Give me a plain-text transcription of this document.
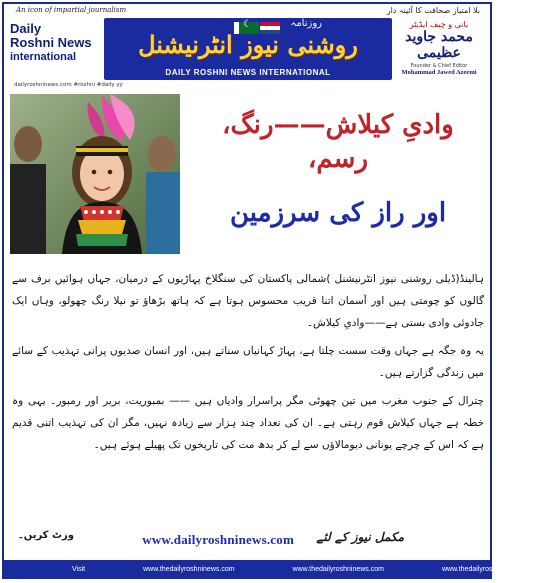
An icon of impartial journalism	بلا امتیاز صحافت کا آئینہ دار
Daily
Roshni News
international
☾
روزنامہ
روشنی نیوز انٹرنیشنل
DAILY ROSHNI NEWS INTERNATIONAL
بانی و چیف ایڈیٹر
محمد جاوید عظیمی
Founder & Chief Editor
Mohammad Jawed Azeemi
dailyroshninews.com #roshni #daily yy
وادیِ کیلاش——رنگ، رسم،
اور راز کی سرزمین

ہالینڈ(ڈیلی روشنی نیوز انٹرنیشنل )شمالی پاکستان کی سنگلاخ پہاڑیوں کے درمیان، جہاں ہوائیں برف سے گالوں کو چومتی ہیں اور آسمان اتنا قریب محسوس ہوتا ہے کہ ہاتھ بڑھاؤ تو نیلا رنگ چھولو، وہاں ایک جادوئی وادی بستی ہے——وادیِ کیلاش۔

یہ وہ جگہ ہے جہاں وقت سست چلتا ہے، پہاڑ کہانیاں سناتے ہیں، اور انسان صدیوں پرانی تہذیب کے سائے میں زندگی گزارتے ہیں۔

چترال کے جنوب مغرب میں تین چھوٹی مگر پراسرار وادیاں ہیں —— بمبوریت، بریر اور رمبور۔ یہی وہ خطہ ہے جہاں کیلاش قوم رہتی ہے۔ ان کی تعداد چند ہزار سے زیادہ نہیں، مگر ان کی تہذیب اتنی قدیم ہے کہ اس کے چرچے یونانی دیومالاؤں سے لے کر بدھ مت کی تاریخوں تک پھیلے ہوئے ہیں۔

مکمل نیوز کے لئے
www.dailyroshninews.com
وزٹ کریں۔
Visit	www.thedailyroshninews.com	www.thedailyroshninews.com	www.thedailyroshninews.com
